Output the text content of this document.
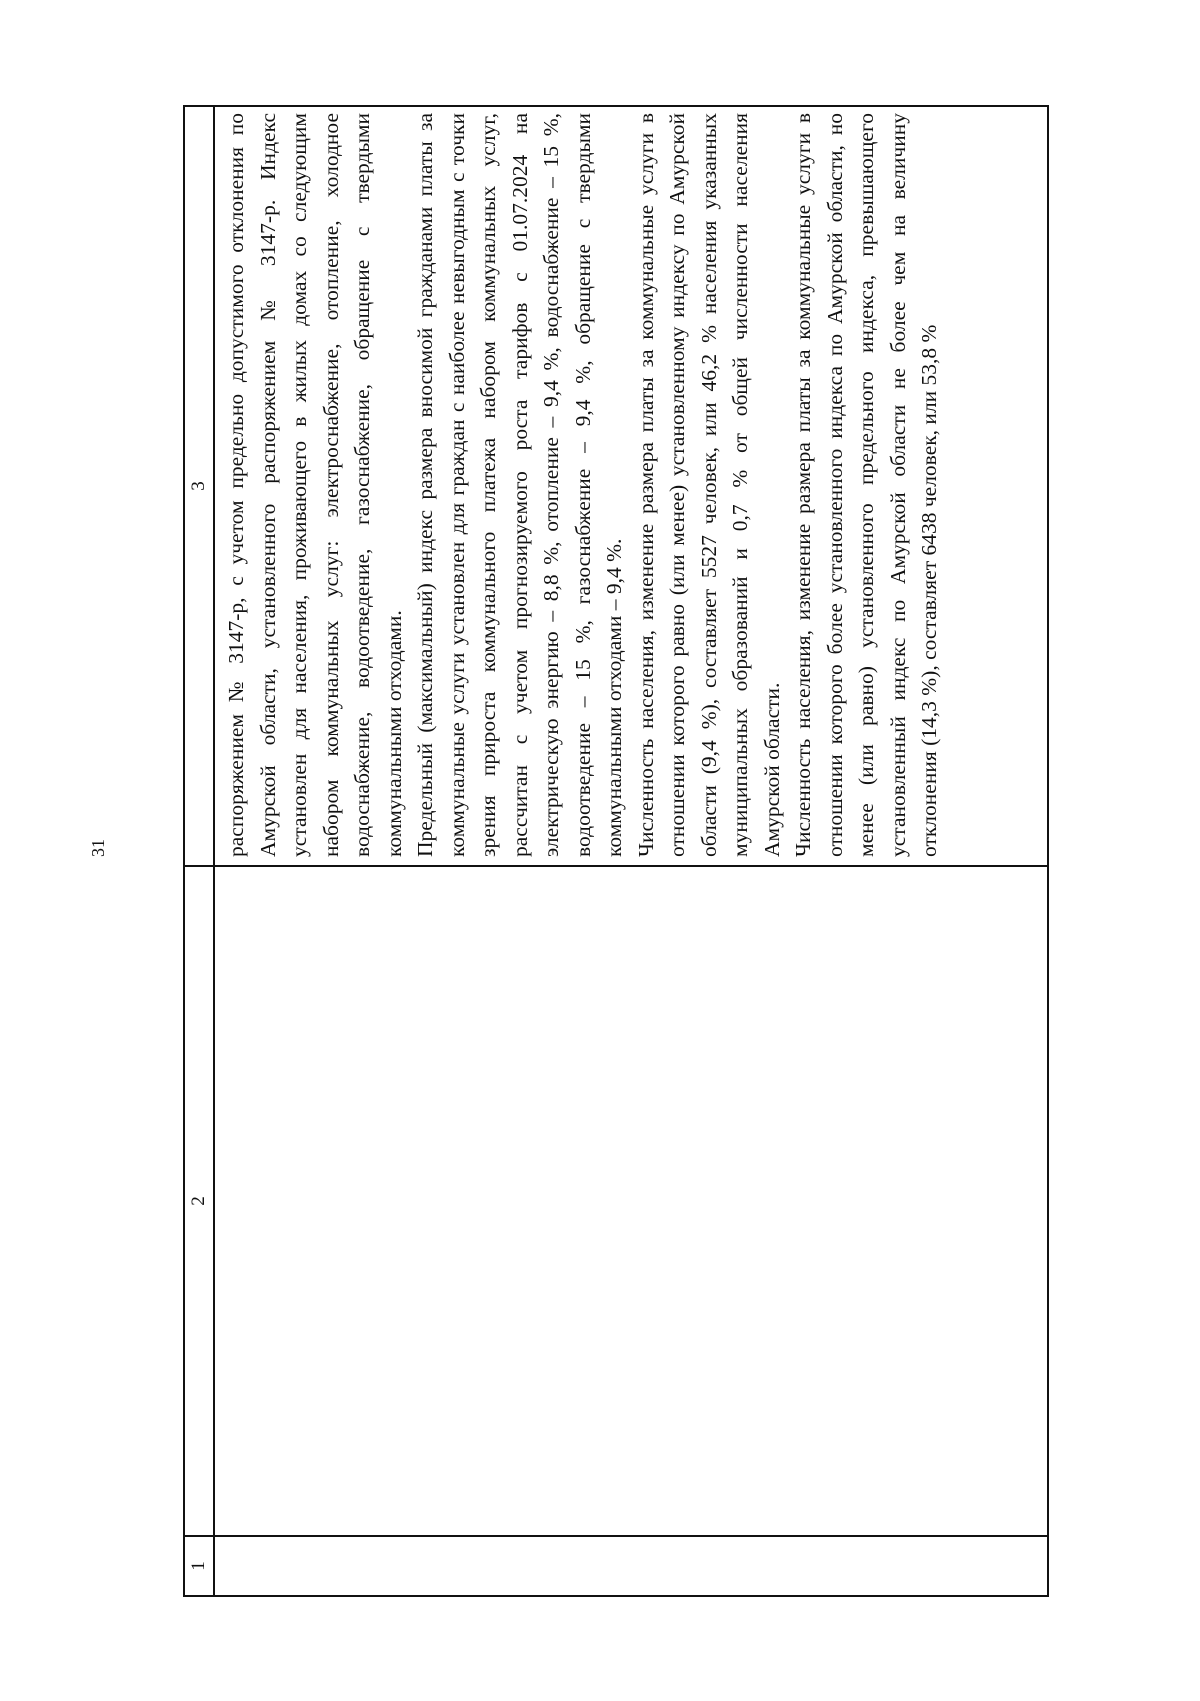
31
1	2	3

		распоряжением № 3147-р, с учетом предельно допустимого отклонения по Амурской области, установленного распоряжением № 3147-р. Индекс установлен для населения, проживающего в жилых домах со следующим набором коммунальных услуг: электроснабжение, отопление, холодное водоснабжение, водоотведение, газоснабжение, обращение с твердыми коммунальными отходами. Предельный (максимальный) индекс размера вносимой гражданами платы за коммунальные услуги установлен для граждан с наиболее невыгодным с точки зрения прироста коммунального платежа набором коммунальных услуг, рассчитан с учетом прогнозируемого роста тарифов с 01.07.2024 на электрическую энергию – 8,8 %, отопление – 9,4 %, водоснабжение – 15 %, водоотведение – 15 %, газоснабжение – 9,4 %, обращение с твердыми коммунальными отходами – 9,4 %. Численность населения, изменение размера платы за коммунальные услуги в отношении которого равно (или менее) установленному индексу по Амурской области (9,4 %), составляет 5527 человек, или 46,2 % населения указанных муниципальных образований и 0,7 % от общей численности населения Амурской области. Численность населения, изменение размера платы за коммунальные услуги в отношении которого более установленного индекса по Амурской области, но менее (или равно) установленного предельного индекса, превышающего установленный индекс по Амурской области не более чем на величину отклонения (14,3 %), составляет 6438 человек, или 53,8 %
